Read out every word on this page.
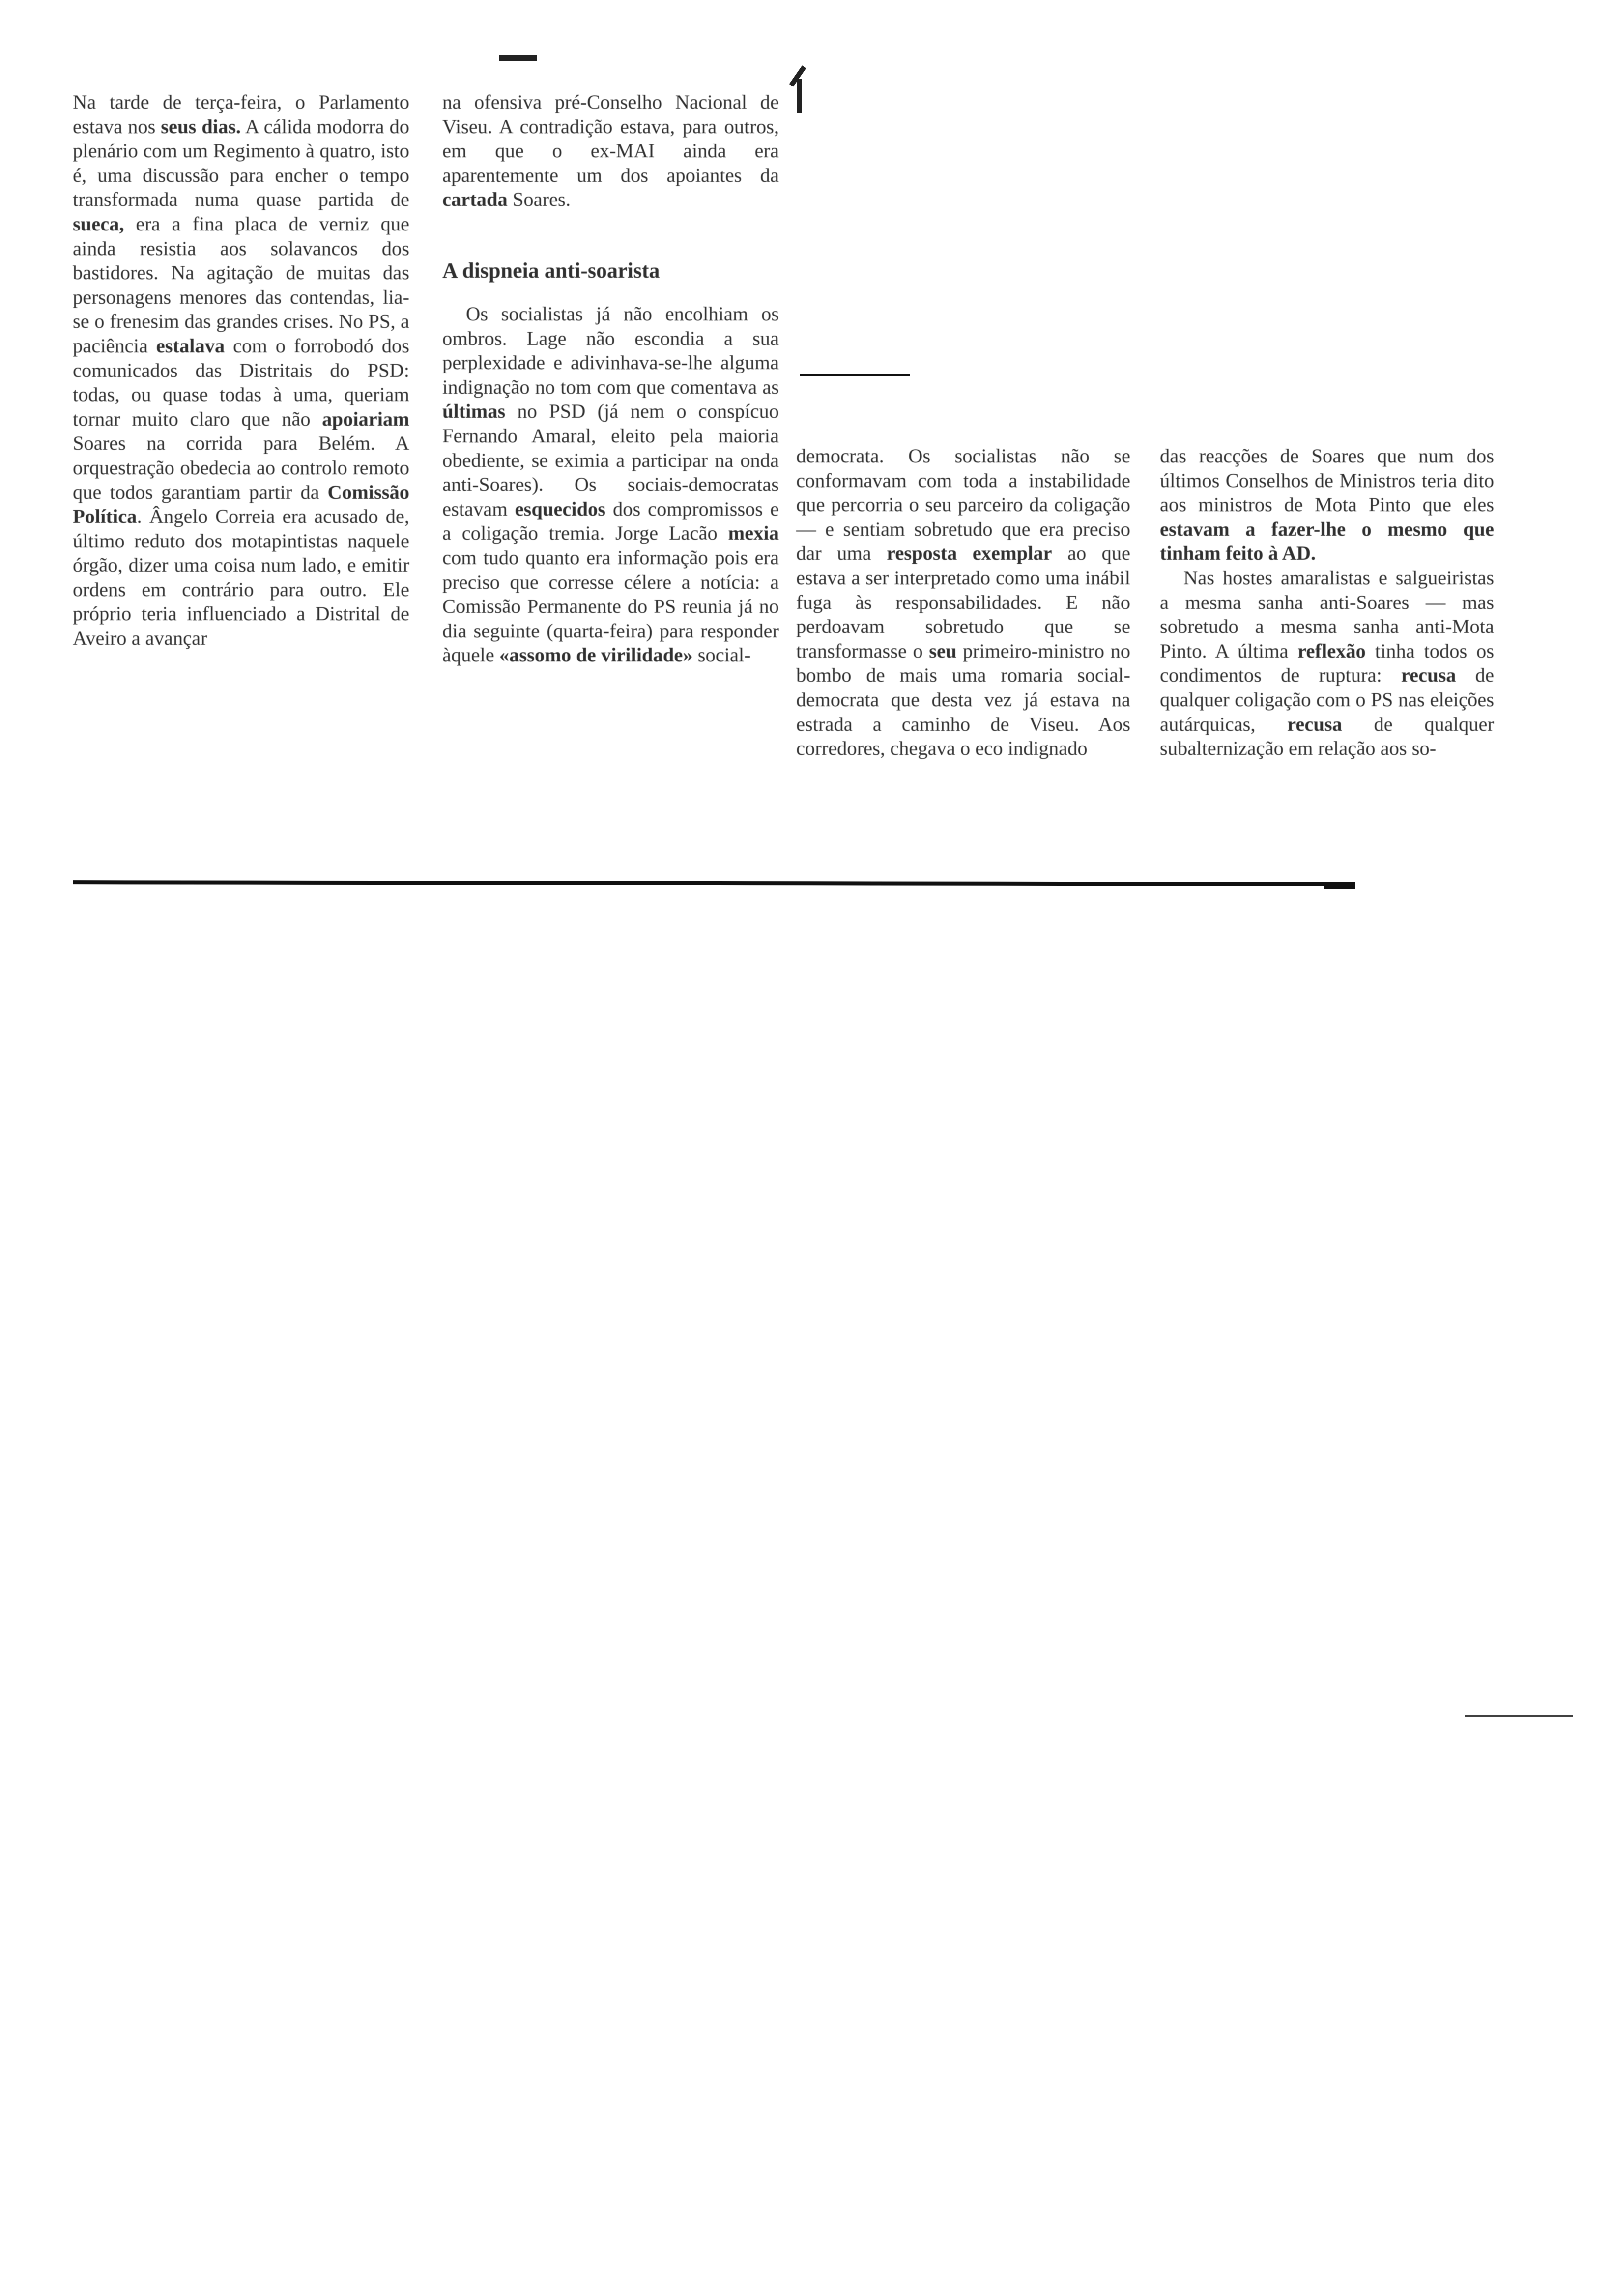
Na tarde de terça-feira, o Parlamento estava nos seus dias. A cálida modorra do plenário com um Regimento à quatro, isto é, uma discussão para encher o tempo transformada numa quase partida de sueca, era a fina placa de verniz que ainda resistia aos solavancos dos bastidores. Na agitação de muitas das personagens menores das contendas, lia-se o frenesim das grandes crises. No PS, a paciência estalava com o forrobodó dos comunicados das Distritais do PSD: todas, ou quase todas à uma, queriam tornar muito claro que não apoiariam Soares na corrida para Belém. A orquestração obedecia ao controlo remoto que todos garantiam partir da Comissão Política. Ângelo Correia era acusado de, último reduto dos motapintistas naquele órgão, dizer uma coisa num lado, e emitir ordens em contrário para outro. Ele próprio teria influenciado a Distrital de Aveiro a avançar

na ofensiva pré-Conselho Nacional de Viseu. A contradição estava, para outros, em que o ex-MAI ainda era aparentemente um dos apoiantes da cartada Soares.

A dispneia anti-soarista

Os socialistas já não encolhiam os ombros. Lage não escondia a sua perplexidade e adivinhava-se-lhe alguma indignação no tom com que comentava as últimas no PSD (já nem o conspícuo Fernando Amaral, eleito pela maioria obediente, se eximia a participar na onda anti-Soares). Os sociais-democratas estavam esquecidos dos compromissos e a coligação tremia. Jorge Lacão mexia com tudo quanto era informação pois era preciso que corresse célere a notícia: a Comissão Permanente do PS reunia já no dia seguinte (quarta-feira) para responder àquele «assomo de virilidade» social-

democrata. Os socialistas não se conformavam com toda a instabilidade que percorria o seu parceiro da coligação — e sentiam sobretudo que era preciso dar uma resposta exemplar ao que estava a ser interpretado como uma inábil fuga às responsabilidades. E não perdoavam sobretudo que se transformasse o seu primeiro-ministro no bombo de mais uma romaria social-democrata que desta vez já estava na estrada a caminho de Viseu. Aos corredores, chegava o eco indignado

das reacções de Soares que num dos últimos Conselhos de Ministros teria dito aos ministros de Mota Pinto que eles estavam a fazer-lhe o mesmo que tinham feito à AD.

Nas hostes amaralistas e salgueiristas a mesma sanha anti-Soares — mas sobretudo a mesma sanha anti-Mota Pinto. A última reflexão tinha todos os condimentos de ruptura: recusa de qualquer coligação com o PS nas eleições autárquicas, recusa de qualquer subalternização em relação aos so-
